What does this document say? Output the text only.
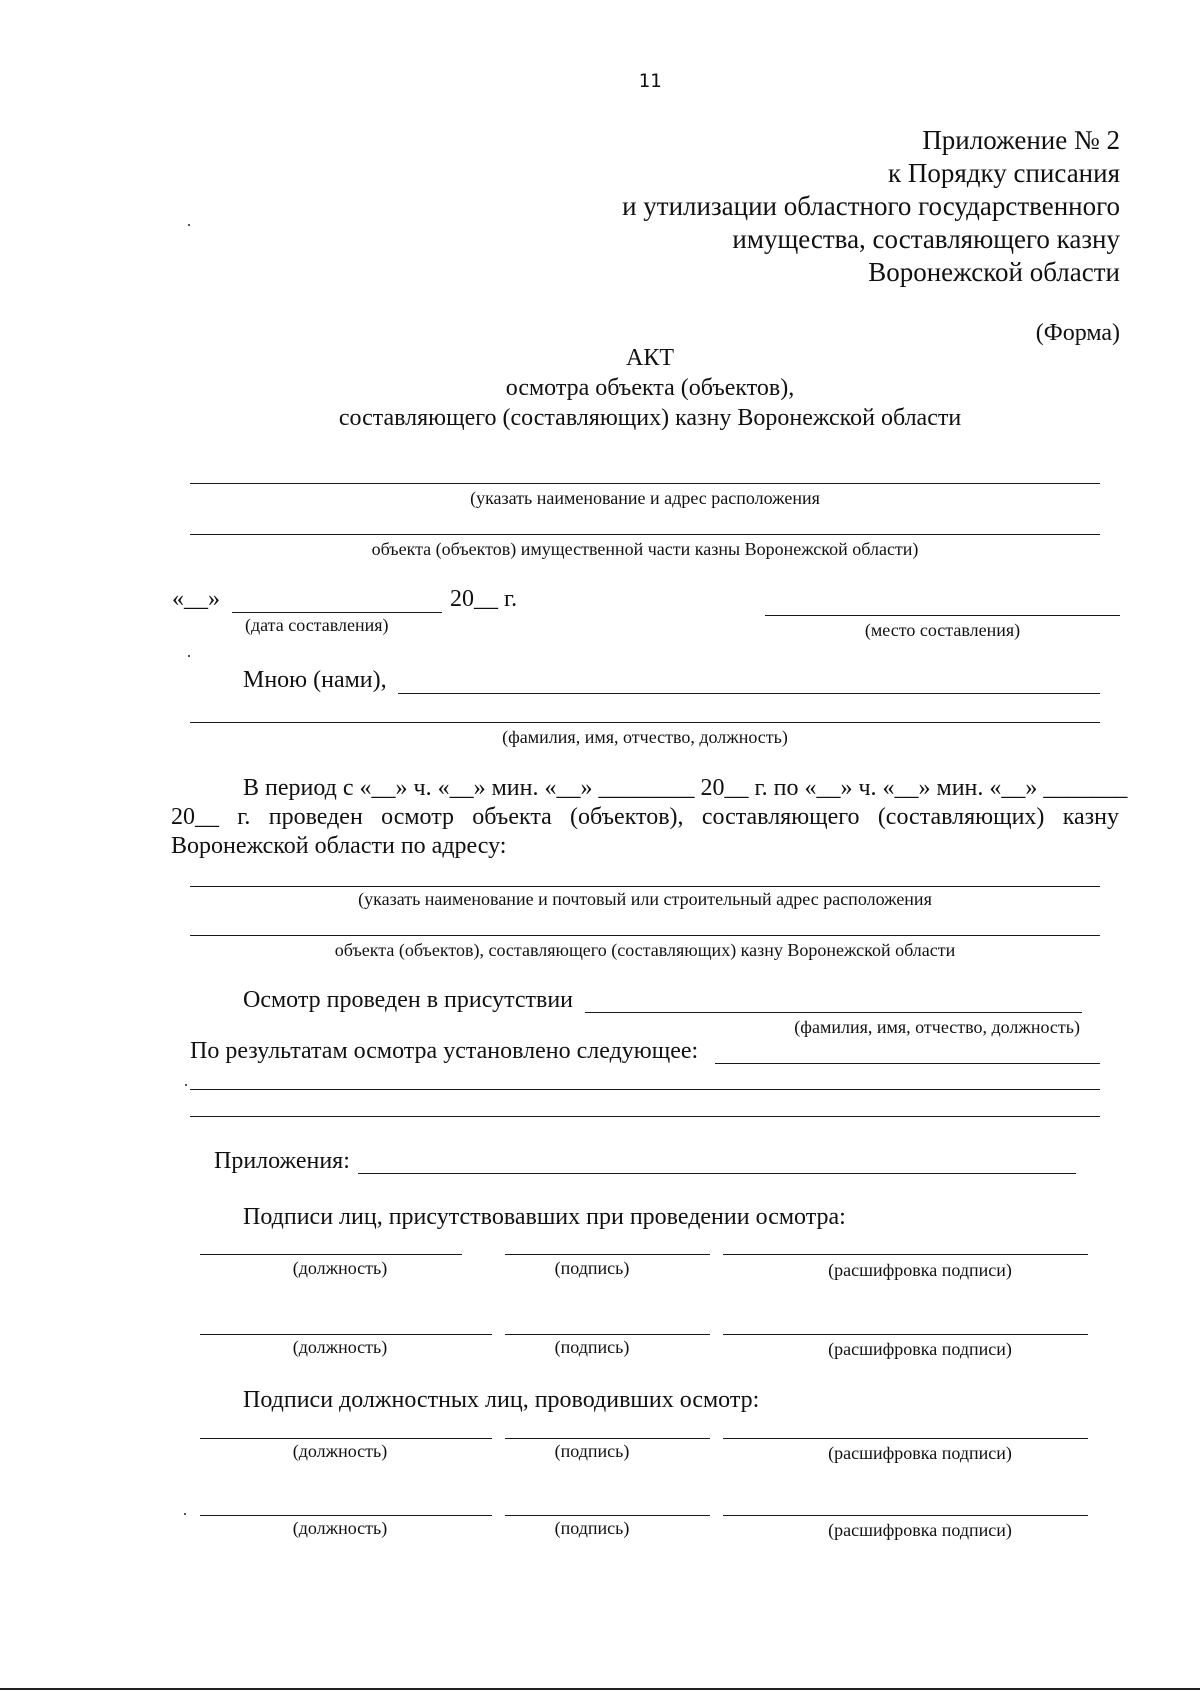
11
Приложение № 2
к Порядку списания
и утилизации областного государственного
имущества, составляющего казну
Воронежской области
(Форма)
АКТ
осмотра объекта (объектов),
составляющего (составляющих) казну Воронежской области
(указать наименование и адрес расположения
объекта (объектов) имущественной части казны Воронежской области)
«__»	20__ г.
(дата составления)	(место составления)
Мною (нами),
(фамилия, имя, отчество, должность)
В период с «__» ч. «__» мин. «__» ________ 20__ г. по «__» ч. «__» мин. «__» _______
20__ г. проведен осмотр объекта (объектов), составляющего (составляющих) казну
Воронежской области по адресу:
(указать наименование и почтовый или строительный адрес расположения
объекта (объектов), составляющего (составляющих) казну Воронежской области
Осмотр проведен в присутствии
(фамилия, имя, отчество, должность)
По результатам осмотра установлено следующее:
Приложения:
Подписи лиц, присутствовавших при проведении осмотра:
(должность)	(подпись)	(расшифровка подписи)
(должность)	(подпись)	(расшифровка подписи)
Подписи должностных лиц, проводивших осмотр:
(должность)	(подпись)	(расшифровка подписи)
(должность)	(подпись)	(расшифровка подписи)
